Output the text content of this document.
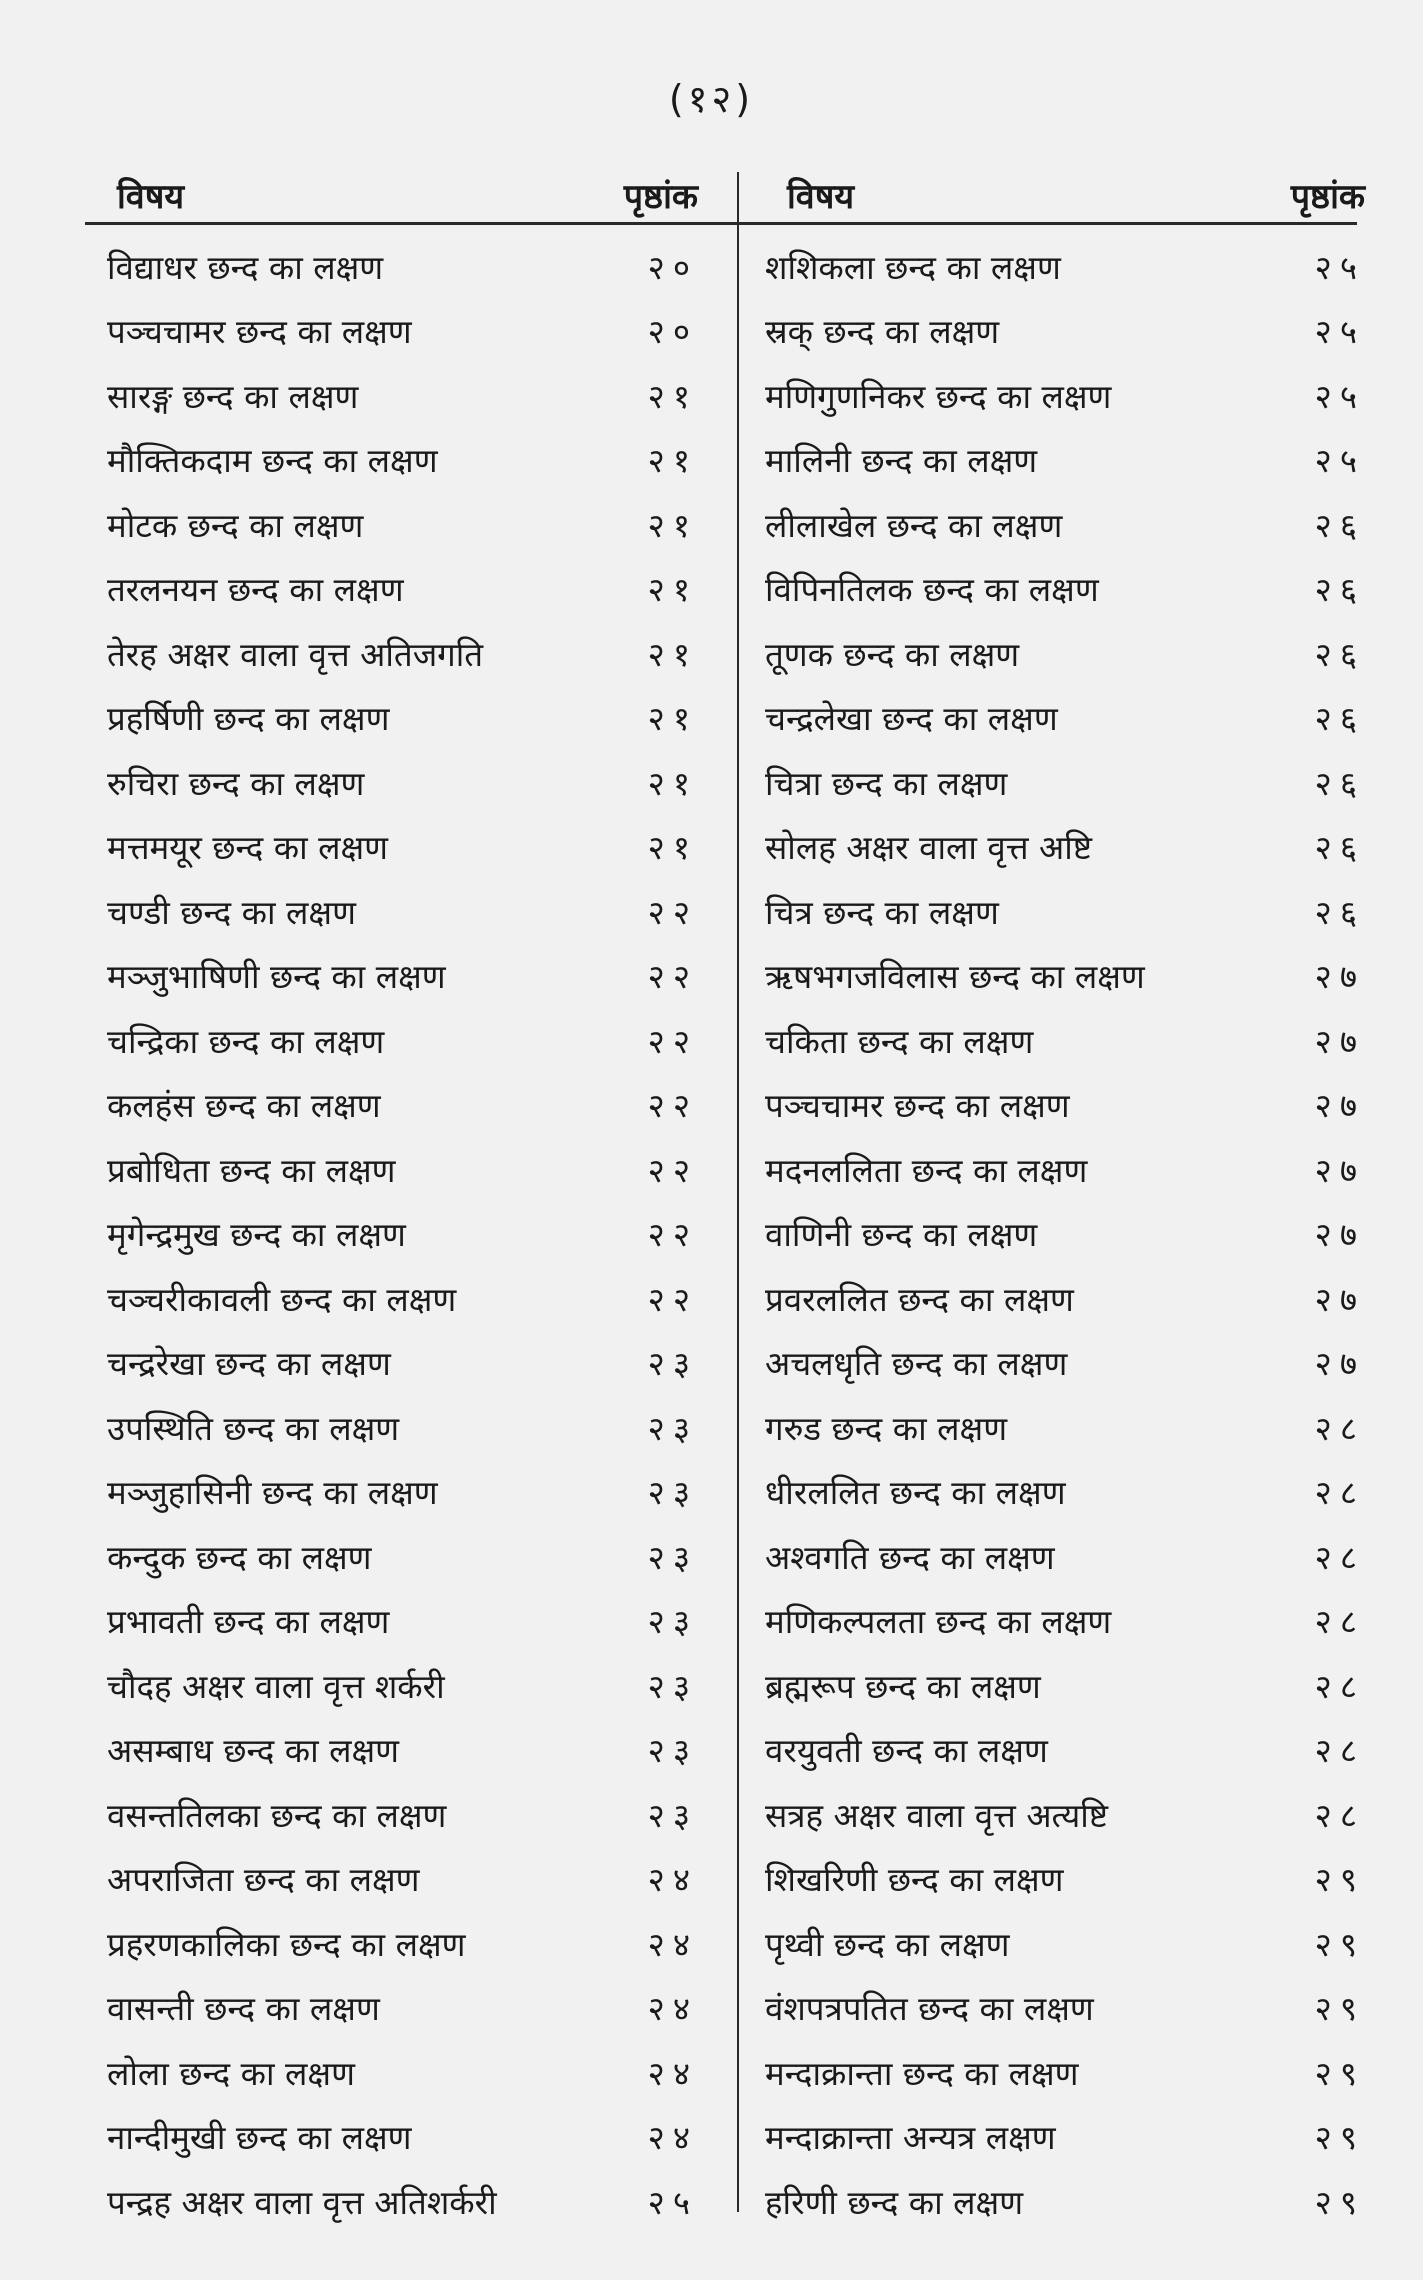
(१२)
विषय	पृष्ठांक
विद्याधर छन्द का लक्षण	२०
पञ्चचामर छन्द का लक्षण	२०
सारङ्ग छन्द का लक्षण	२१
मौक्तिकदाम छन्द का लक्षण	२१
मोटक छन्द का लक्षण	२१
तरलनयन छन्द का लक्षण	२१
तेरह अक्षर वाला वृत्त अतिजगति	२१
प्रहर्षिणी छन्द का लक्षण	२१
रुचिरा छन्द का लक्षण	२१
मत्तमयूर छन्द का लक्षण	२१
चण्डी छन्द का लक्षण	२२
मञ्जुभाषिणी छन्द का लक्षण	२२
चन्द्रिका छन्द का लक्षण	२२
कलहंस छन्द का लक्षण	२२
प्रबोधिता छन्द का लक्षण	२२
मृगेन्द्रमुख छन्द का लक्षण	२२
चञ्चरीकावली छन्द का लक्षण	२२
चन्द्ररेखा छन्द का लक्षण	२३
उपस्थिति छन्द का लक्षण	२३
मञ्जुहासिनी छन्द का लक्षण	२३
कन्दुक छन्द का लक्षण	२३
प्रभावती छन्द का लक्षण	२३
चौदह अक्षर वाला वृत्त शर्करी	२३
असम्बाध छन्द का लक्षण	२३
वसन्ततिलका छन्द का लक्षण	२३
अपराजिता छन्द का लक्षण	२४
प्रहरणकालिका छन्द का लक्षण	२४
वासन्ती छन्द का लक्षण	२४
लोला छन्द का लक्षण	२४
नान्दीमुखी छन्द का लक्षण	२४
पन्द्रह अक्षर वाला वृत्त अतिशर्करी	२५
विषय	पृष्ठांक
शशिकला छन्द का लक्षण	२५
स्रक् छन्द का लक्षण	२५
मणिगुणनिकर छन्द का लक्षण	२५
मालिनी छन्द का लक्षण	२५
लीलाखेल छन्द का लक्षण	२६
विपिनतिलक छन्द का लक्षण	२६
तूणक छन्द का लक्षण	२६
चन्द्रलेखा छन्द का लक्षण	२६
चित्रा छन्द का लक्षण	२६
सोलह अक्षर वाला वृत्त अष्टि	२६
चित्र छन्द का लक्षण	२६
ऋषभगजविलास छन्द का लक्षण	२७
चकिता छन्द का लक्षण	२७
पञ्चचामर छन्द का लक्षण	२७
मदनललिता छन्द का लक्षण	२७
वाणिनी छन्द का लक्षण	२७
प्रवरललित छन्द का लक्षण	२७
अचलधृति छन्द का लक्षण	२७
गरुड छन्द का लक्षण	२८
धीरललित छन्द का लक्षण	२८
अश्वगति छन्द का लक्षण	२८
मणिकल्पलता छन्द का लक्षण	२८
ब्रह्मरूप छन्द का लक्षण	२८
वरयुवती छन्द का लक्षण	२८
सत्रह अक्षर वाला वृत्त अत्यष्टि	२८
शिखरिणी छन्द का लक्षण	२९
पृथ्वी छन्द का लक्षण	२९
वंशपत्रपतित छन्द का लक्षण	२९
मन्दाक्रान्ता छन्द का लक्षण	२९
मन्दाक्रान्ता अन्यत्र लक्षण	२९
हरिणी छन्द का लक्षण	२९
